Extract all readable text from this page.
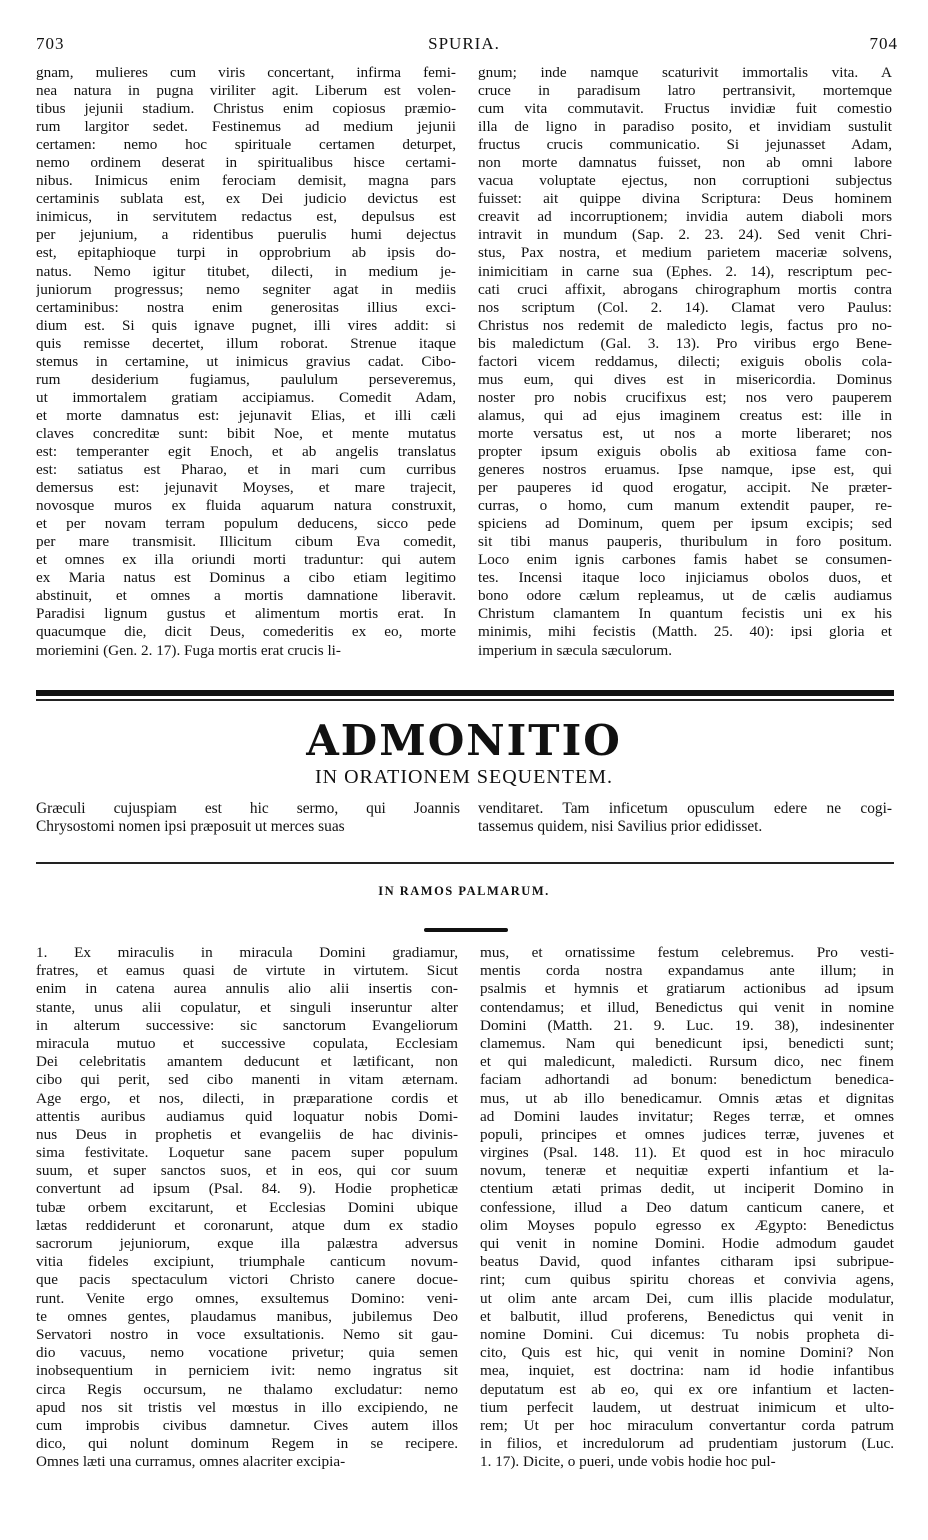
703	SPURIA.	704
gnam, mulieres cum viris concertant, infirma femi-
nea natura in pugna viriliter agit. Liberum est volen-
tibus jejunii stadium. Christus enim copiosus præmio-
rum largitor sedet. Festinemus ad medium jejunii
certamen: nemo hoc spirituale certamen deturpet,
nemo ordinem deserat in spiritualibus hisce certami-
nibus. Inimicus enim ferociam demisit, magna pars
certaminis sublata est, ex Dei judicio devictus est
inimicus, in servitutem redactus est, depulsus est
per jejunium, a ridentibus puerulis humi dejectus
est, epitaphioque turpi in opprobrium ab ipsis do-
natus. Nemo igitur titubet, dilecti, in medium je-
juniorum progressus; nemo segniter agat in mediis
certaminibus: nostra enim generositas illius exci-
dium est. Si quis ignave pugnet, illi vires addit: si
quis remisse decertet, illum roborat. Strenue itaque
stemus in certamine, ut inimicus gravius cadat. Cibo-
rum desiderium fugiamus, paululum perseveremus,
ut immortalem gratiam accipiamus. Comedit Adam,
et morte damnatus est: jejunavit Elias, et illi cæli
claves concreditæ sunt: bibit Noe, et mente mutatus
est: temperanter egit Enoch, et ab angelis translatus
est: satiatus est Pharao, et in mari cum curribus
demersus est: jejunavit Moyses, et mare trajecit,
novosque muros ex fluida aquarum natura construxit,
et per novam terram populum deducens, sicco pede
per mare transmisit. Illicitum cibum Eva comedit,
et omnes ex illa oriundi morti traduntur: qui autem
ex Maria natus est Dominus a cibo etiam legitimo
abstinuit, et omnes a mortis damnatione liberavit.
Paradisi lignum gustus et alimentum mortis erat. In
quacumque die, dicit Deus, comederitis ex eo, morte
moriemini (Gen. 2. 17). Fuga mortis erat crucis li-
gnum; inde namque scaturivit immortalis vita. A
cruce in paradisum latro pertransivit, mortemque
cum vita commutavit. Fructus invidiæ fuit comestio
illa de ligno in paradiso posito, et invidiam sustulit
fructus crucis communicatio. Si jejunasset Adam,
non morte damnatus fuisset, non ab omni labore
vacua voluptate ejectus, non corruptioni subjectus
fuisset: ait quippe divina Scriptura: Deus hominem
creavit ad incorruptionem; invidia autem diaboli mors
intravit in mundum (Sap. 2. 23. 24). Sed venit Chri-
stus, Pax nostra, et medium parietem maceriæ solvens,
inimicitiam in carne sua (Ephes. 2. 14), rescriptum pec-
cati cruci affixit, abrogans chirographum mortis contra
nos scriptum (Col. 2. 14). Clamat vero Paulus:
Christus nos redemit de maledicto legis, factus pro no-
bis maledictum (Gal. 3. 13). Pro viribus ergo Bene-
factori vicem reddamus, dilecti; exiguis obolis cola-
mus eum, qui dives est in misericordia. Dominus
noster pro nobis crucifixus est; nos vero pauperem
alamus, qui ad ejus imaginem creatus est: ille in
morte versatus est, ut nos a morte liberaret; nos
propter ipsum exiguis obolis ab exitiosa fame con-
generes nostros eruamus. Ipse namque, ipse est, qui
per pauperes id quod erogatur, accipit. Ne præter-
curras, o homo, cum manum extendit pauper, re-
spiciens ad Dominum, quem per ipsum excipis; sed
sit tibi manus pauperis, thuribulum in foro positum.
Loco enim ignis carbones famis habet se consumen-
tes. Incensi itaque loco injiciamus obolos duos, et
bono odore cælum repleamus, ut de cælis audiamus
Christum clamantem In quantum fecistis uni ex his
minimis, mihi fecistis (Matth. 25. 40): ipsi gloria et
imperium in sæcula sæculorum.
ADMONITIO
IN ORATIONEM SEQUENTEM.
Græculi cujuspiam est hic sermo, qui Joannis
Chrysostomi nomen ipsi præposuit ut merces suas
venditaret. Tam inficetum opusculum edere ne cogi-
tassemus quidem, nisi Savilius prior edidisset.
IN RAMOS PALMARUM.
1. Ex miraculis in miracula Domini gradiamur,
fratres, et eamus quasi de virtute in virtutem. Sicut
enim in catena aurea annulis alio alii insertis con-
stante, unus alii copulatur, et singuli inseruntur alter
in alterum successive: sic sanctorum Evangeliorum
miracula mutuo et successive copulata, Ecclesiam
Dei celebritatis amantem deducunt et lætificant, non
cibo qui perit, sed cibo manenti in vitam æternam.
Age ergo, et nos, dilecti, in præparatione cordis et
attentis auribus audiamus quid loquatur nobis Domi-
nus Deus in prophetis et evangeliis de hac divinis-
sima festivitate. Loquetur sane pacem super populum
suum, et super sanctos suos, et in eos, qui cor suum
convertunt ad ipsum (Psal. 84. 9). Hodie propheticæ
tubæ orbem excitarunt, et Ecclesias Domini ubique
lætas reddiderunt et coronarunt, atque dum ex stadio
sacrorum jejuniorum, exque illa palæstra adversus
vitia fideles excipiunt, triumphale canticum novum-
que pacis spectaculum victori Christo canere docue-
runt. Venite ergo omnes, exsultemus Domino: veni-
te omnes gentes, plaudamus manibus, jubilemus Deo
Servatori nostro in voce exsultationis. Nemo sit gau-
dio vacuus, nemo vocatione privetur; quia semen
inobsequentium in perniciem ivit: nemo ingratus sit
circa Regis occursum, ne thalamo excludatur: nemo
apud nos sit tristis vel mœstus in illo excipiendo, ne
cum improbis civibus damnetur. Cives autem illos
dico, qui nolunt dominum Regem in se recipere.
Omnes læti una curramus, omnes alacriter excipia-
mus, et ornatissime festum celebremus. Pro vesti-
mentis corda nostra expandamus ante illum; in
psalmis et hymnis et gratiarum actionibus ad ipsum
contendamus; et illud, Benedictus qui venit in nomine
Domini (Matth. 21. 9. Luc. 19. 38), indesinenter
clamemus. Nam qui benedicunt ipsi, benedicti sunt;
et qui maledicunt, maledicti. Rursum dico, nec finem
faciam adhortandi ad bonum: benedictum benedica-
mus, ut ab illo benedicamur. Omnis ætas et dignitas
ad Domini laudes invitatur; Reges terræ, et omnes
populi, principes et omnes judices terræ, juvenes et
virgines (Psal. 148. 11). Et quod est in hoc miraculo
novum, teneræ et nequitiæ experti infantium et la-
ctentium ætati primas dedit, ut inciperit Domino in
confessione, illud a Deo datum canticum canere, et
olim Moyses populo egresso ex Ægypto: Benedictus
qui venit in nomine Domini. Hodie admodum gaudet
beatus David, quod infantes citharam ipsi subripue-
rint; cum quibus spiritu choreas et convivia agens,
ut olim ante arcam Dei, cum illis placide modulatur,
et balbutit, illud proferens, Benedictus qui venit in
nomine Domini. Cui dicemus: Tu nobis propheta di-
cito, Quis est hic, qui venit in nomine Domini? Non
mea, inquiet, est doctrina: nam id hodie infantibus
deputatum est ab eo, qui ex ore infantium et lacten-
tium perfecit laudem, ut destruat inimicum et ulto-
rem; Ut per hoc miraculum convertantur corda patrum
in filios, et incredulorum ad prudentiam justorum (Luc.
1. 17). Dicite, o pueri, unde vobis hodie hoc pul-
